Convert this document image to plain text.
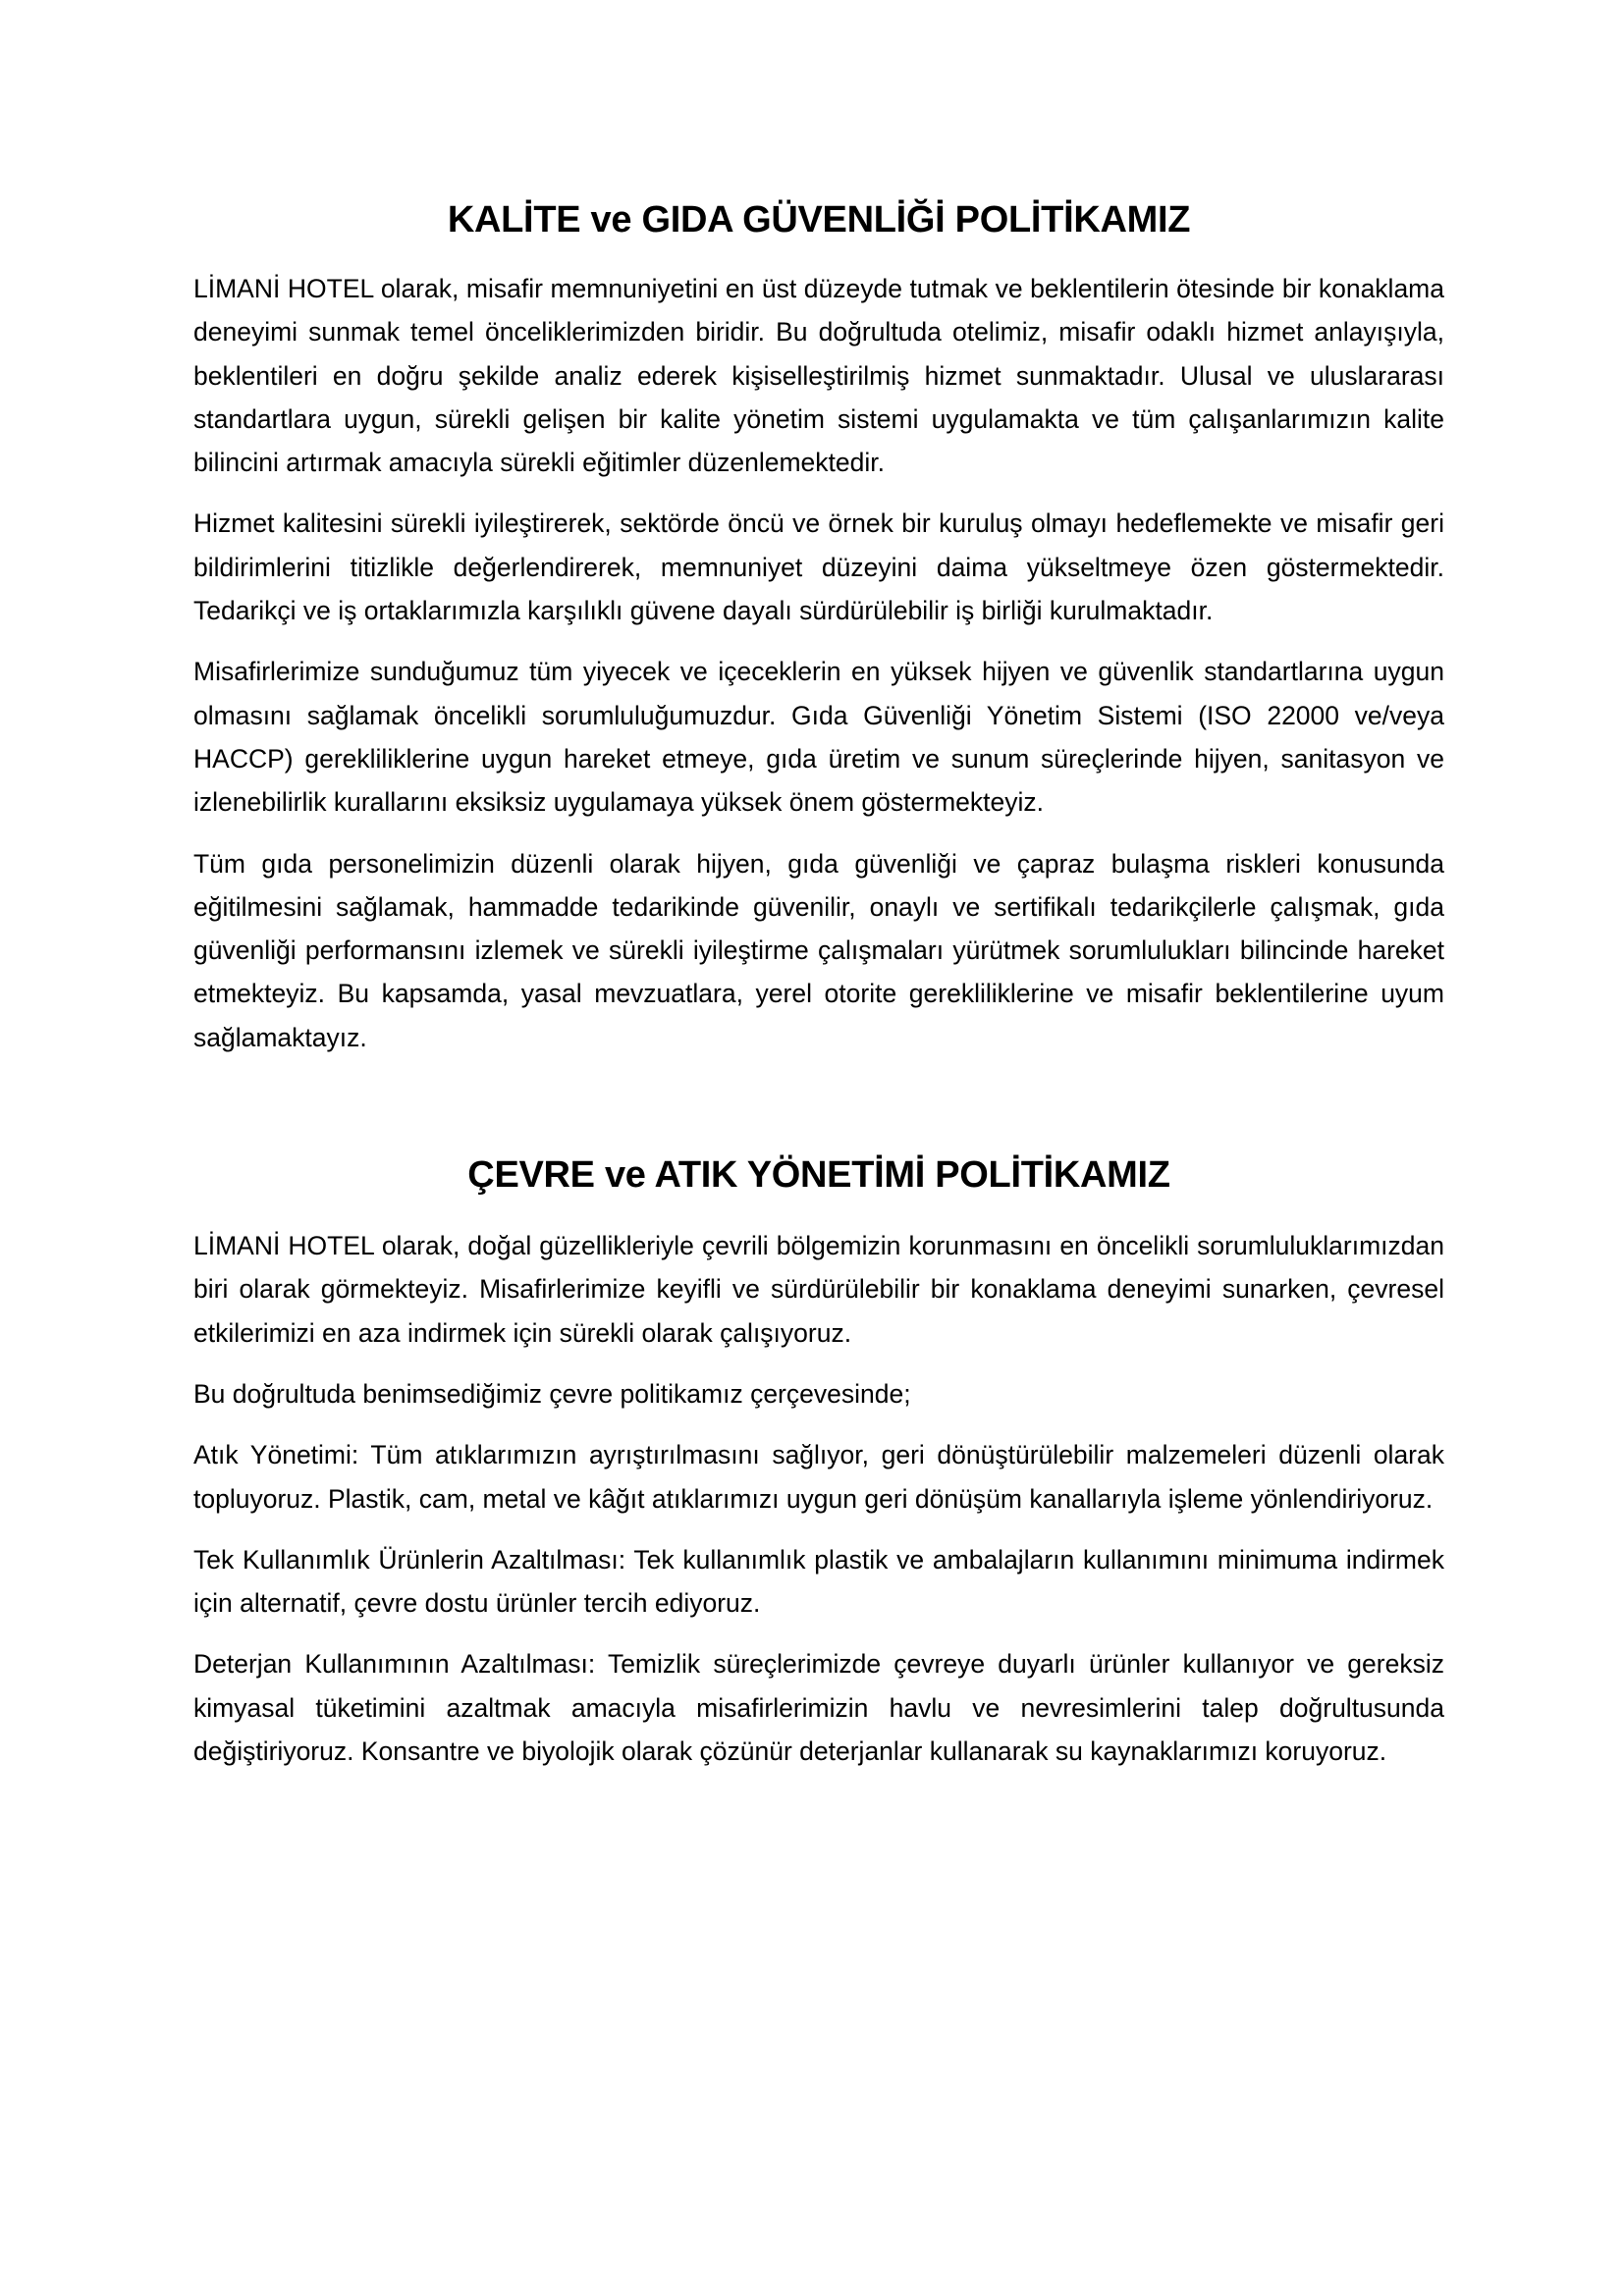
KALİTE ve GIDA GÜVENLİĞİ POLİTİKAMIZ

LİMANİ HOTEL olarak, misafir memnuniyetini en üst düzeyde tutmak ve beklentilerin ötesinde bir konaklama deneyimi sunmak temel önceliklerimizden biridir. Bu doğrultuda otelimiz, misafir odaklı hizmet anlayışıyla, beklentileri en doğru şekilde analiz ederek kişiselleştirilmiş hizmet sunmaktadır. Ulusal ve uluslararası standartlara uygun, sürekli gelişen bir kalite yönetim sistemi uygulamakta ve tüm çalışanlarımızın kalite bilincini artırmak amacıyla sürekli eğitimler düzenlemektedir.

Hizmet kalitesini sürekli iyileştirerek, sektörde öncü ve örnek bir kuruluş olmayı hedeflemekte ve misafir geri bildirimlerini titizlikle değerlendirerek, memnuniyet düzeyini daima yükseltmeye özen göstermektedir. Tedarikçi ve iş ortaklarımızla karşılıklı güvene dayalı sürdürülebilir iş birliği kurulmaktadır.

Misafirlerimize sunduğumuz tüm yiyecek ve içeceklerin en yüksek hijyen ve güvenlik standartlarına uygun olmasını sağlamak öncelikli sorumluluğumuzdur. Gıda Güvenliği Yönetim Sistemi (ISO 22000 ve/veya HACCP) gerekliliklerine uygun hareket etmeye, gıda üretim ve sunum süreçlerinde hijyen, sanitasyon ve izlenebilirlik kurallarını eksiksiz uygulamaya yüksek önem göstermekteyiz.

Tüm gıda personelimizin düzenli olarak hijyen, gıda güvenliği ve çapraz bulaşma riskleri konusunda eğitilmesini sağlamak, hammadde tedarikinde güvenilir, onaylı ve sertifikalı tedarikçilerle çalışmak, gıda güvenliği performansını izlemek ve sürekli iyileştirme çalışmaları yürütmek sorumlulukları bilincinde hareket etmekteyiz. Bu kapsamda, yasal mevzuatlara, yerel otorite gerekliliklerine ve misafir beklentilerine uyum sağlamaktayız.

ÇEVRE ve ATIK YÖNETİMİ POLİTİKAMIZ

LİMANİ HOTEL olarak, doğal güzellikleriyle çevrili bölgemizin korunmasını en öncelikli sorumluluklarımızdan biri olarak görmekteyiz. Misafirlerimize keyifli ve sürdürülebilir bir konaklama deneyimi sunarken, çevresel etkilerimizi en aza indirmek için sürekli olarak çalışıyoruz.

Bu doğrultuda benimsediğimiz çevre politikamız çerçevesinde;

Atık Yönetimi: Tüm atıklarımızın ayrıştırılmasını sağlıyor, geri dönüştürülebilir malzemeleri düzenli olarak topluyoruz. Plastik, cam, metal ve kâğıt atıklarımızı uygun geri dönüşüm kanallarıyla işleme yönlendiriyoruz.

Tek Kullanımlık Ürünlerin Azaltılması: Tek kullanımlık plastik ve ambalajların kullanımını minimuma indirmek için alternatif, çevre dostu ürünler tercih ediyoruz.

Deterjan Kullanımının Azaltılması: Temizlik süreçlerimizde çevreye duyarlı ürünler kullanıyor ve gereksiz kimyasal tüketimini azaltmak amacıyla misafirlerimizin havlu ve nevresimlerini talep doğrultusunda değiştiriyoruz. Konsantre ve biyolojik olarak çözünür deterjanlar kullanarak su kaynaklarımızı koruyoruz.
